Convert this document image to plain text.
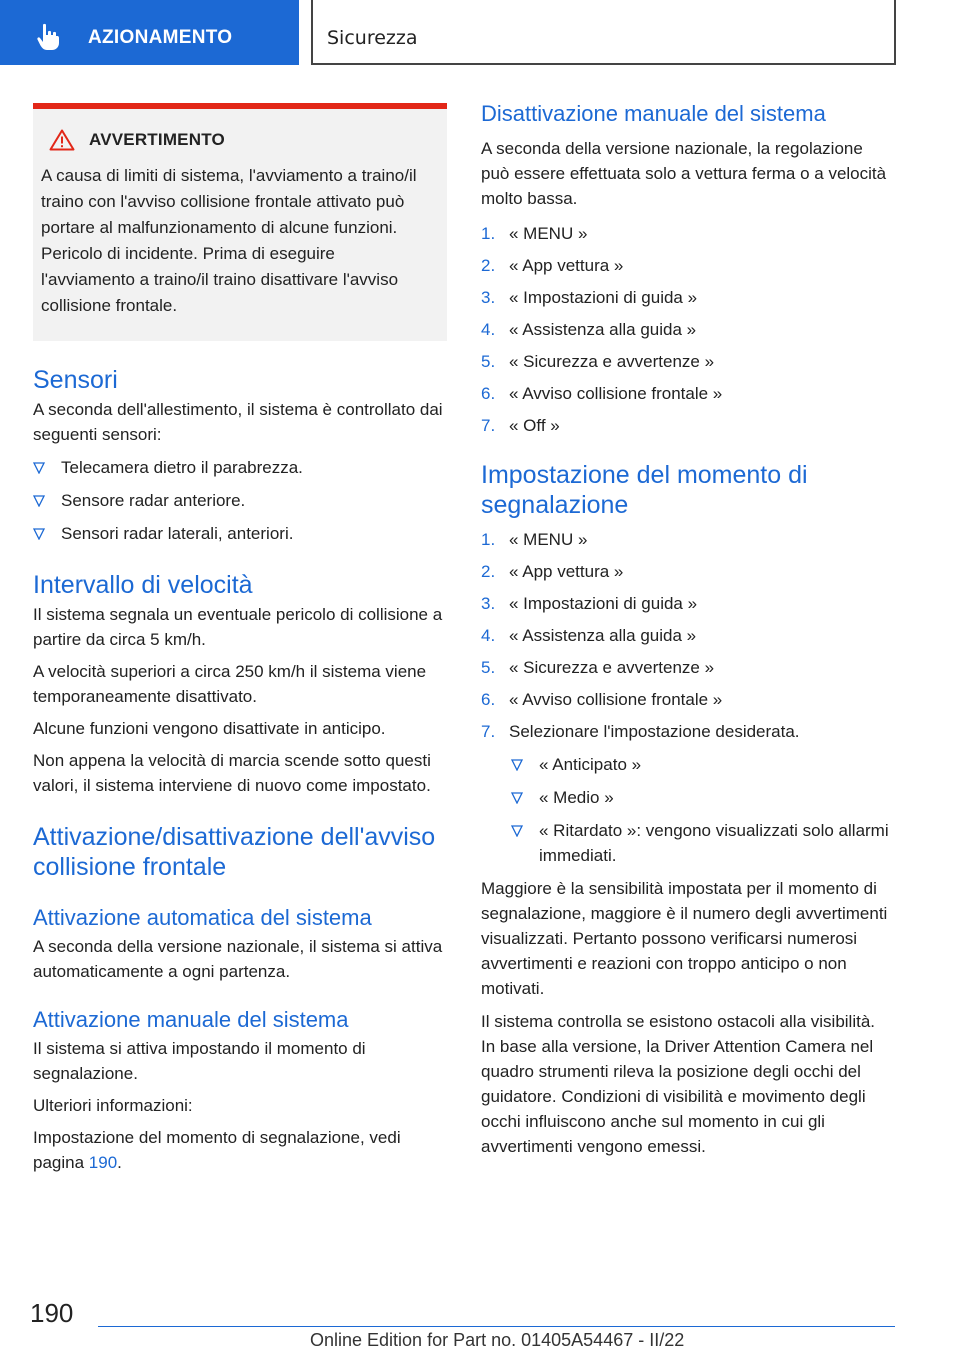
AZIONAMENTO	Sicurezza
AVVERTIMENTO
A causa di limiti di sistema, l'avviamento a traino/il traino con l'avviso collisione frontale attivato può portare al malfunzionamento di alcune funzioni. Pericolo di incidente. Prima di eseguire l'avviamento a traino/il traino disattivare l'avviso collisione frontale.
Sensori

A seconda dell'allestimento, il sistema è controllato dai seguenti sensori:

Telecamera dietro il parabrezza.
Sensore radar anteriore.
Sensori radar laterali, anteriori.
Intervallo di velocità

Il sistema segnala un eventuale pericolo di collisione a partire da circa 5 km/h.

A velocità superiori a circa 250 km/h il sistema viene temporaneamente disattivato.

Alcune funzioni vengono disattivate in anticipo.

Non appena la velocità di marcia scende sotto questi valori, il sistema interviene di nuovo come impostato.

Attivazione/disattivazione dell'avviso collisione frontale
Attivazione automatica del sistema

A seconda della versione nazionale, il sistema si attiva automaticamente a ogni partenza.

Attivazione manuale del sistema

Il sistema si attiva impostando il momento di segnalazione.

Ulteriori informazioni:

Impostazione del momento di segnalazione, vedi pagina 190.

Disattivazione manuale del sistema

A seconda della versione nazionale, la regolazione può essere effettuata solo a vettura ferma o a velocità molto bassa.

1. « MENU »
2. « App vettura »
3. « Impostazioni di guida »
4. « Assistenza alla guida »
5. « Sicurezza e avvertenze »
6. « Avviso collisione frontale »
7. « Off »
Impostazione del momento di segnalazione
1. « MENU »
2. « App vettura »
3. « Impostazioni di guida »
4. « Assistenza alla guida »
5. « Sicurezza e avvertenze »
6. « Avviso collisione frontale »
7. Selezionare l'impostazione desiderata.
« Anticipato »
« Medio »
« Ritardato »: vengono visualizzati solo allarmi immediati.

Maggiore è la sensibilità impostata per il momento di segnalazione, maggiore è il numero degli avvertimenti visualizzati. Pertanto possono verificarsi numerosi avvertimenti e reazioni con troppo anticipo o non motivati.

Il sistema controlla se esistono ostacoli alla visibilità. In base alla versione, la Driver Attention Camera nel quadro strumenti rileva la posizione degli occhi del guidatore. Condizioni di visibilità e movimento degli occhi influiscono anche sul momento in cui gli avvertimenti vengono emessi.

190
Online Edition for Part no. 01405A54467 - II/22
